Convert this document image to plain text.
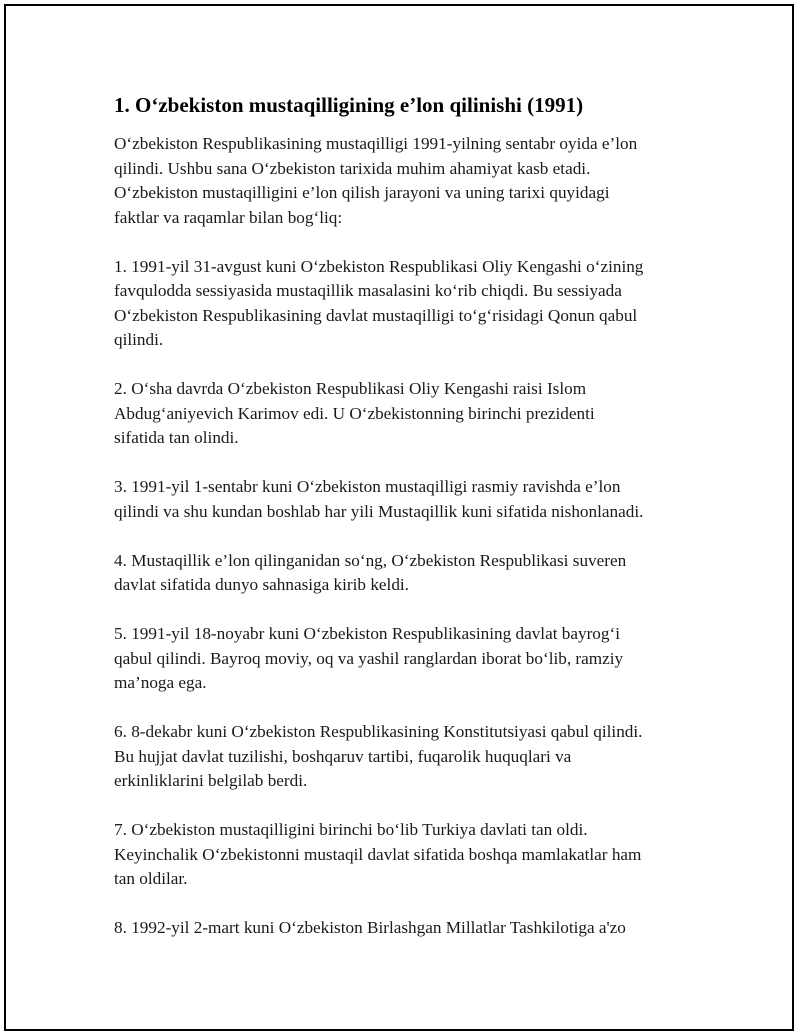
1. O‘zbekiston mustaqilligining e’lon qilinishi (1991)

O‘zbekiston Respublikasining mustaqilligi 1991-yilning sentabr oyida e’lon
qilindi. Ushbu sana O‘zbekiston tarixida muhim ahamiyat kasb etadi.
O‘zbekiston mustaqilligini e’lon qilish jarayoni va uning tarixi quyidagi
faktlar va raqamlar bilan bog‘liq:

1. 1991-yil 31-avgust kuni O‘zbekiston Respublikasi Oliy Kengashi o‘zining
favqulodda sessiyasida mustaqillik masalasini ko‘rib chiqdi. Bu sessiyada
O‘zbekiston Respublikasining davlat mustaqilligi to‘g‘risidagi Qonun qabul
qilindi.

2. O‘sha davrda O‘zbekiston Respublikasi Oliy Kengashi raisi Islom
Abdug‘aniyevich Karimov edi. U O‘zbekistonning birinchi prezidenti
sifatida tan olindi.

3. 1991-yil 1-sentabr kuni O‘zbekiston mustaqilligi rasmiy ravishda e’lon
qilindi va shu kundan boshlab har yili Mustaqillik kuni sifatida nishonlanadi.

4. Mustaqillik e’lon qilinganidan so‘ng, O‘zbekiston Respublikasi suveren
davlat sifatida dunyo sahnasiga kirib keldi.

5. 1991-yil 18-noyabr kuni O‘zbekiston Respublikasining davlat bayrog‘i
qabul qilindi. Bayroq moviy, oq va yashil ranglardan iborat bo‘lib, ramziy
ma’noga ega.

6. 8-dekabr kuni O‘zbekiston Respublikasining Konstitutsiyasi qabul qilindi.
Bu hujjat davlat tuzilishi, boshqaruv tartibi, fuqarolik huquqlari va
erkinliklarini belgilab berdi.

7. O‘zbekiston mustaqilligini birinchi bo‘lib Turkiya davlati tan oldi.
Keyinchalik O‘zbekistonni mustaqil davlat sifatida boshqa mamlakatlar ham
tan oldilar.

8. 1992-yil 2-mart kuni O‘zbekiston Birlashgan Millatlar Tashkilotiga a'zo
